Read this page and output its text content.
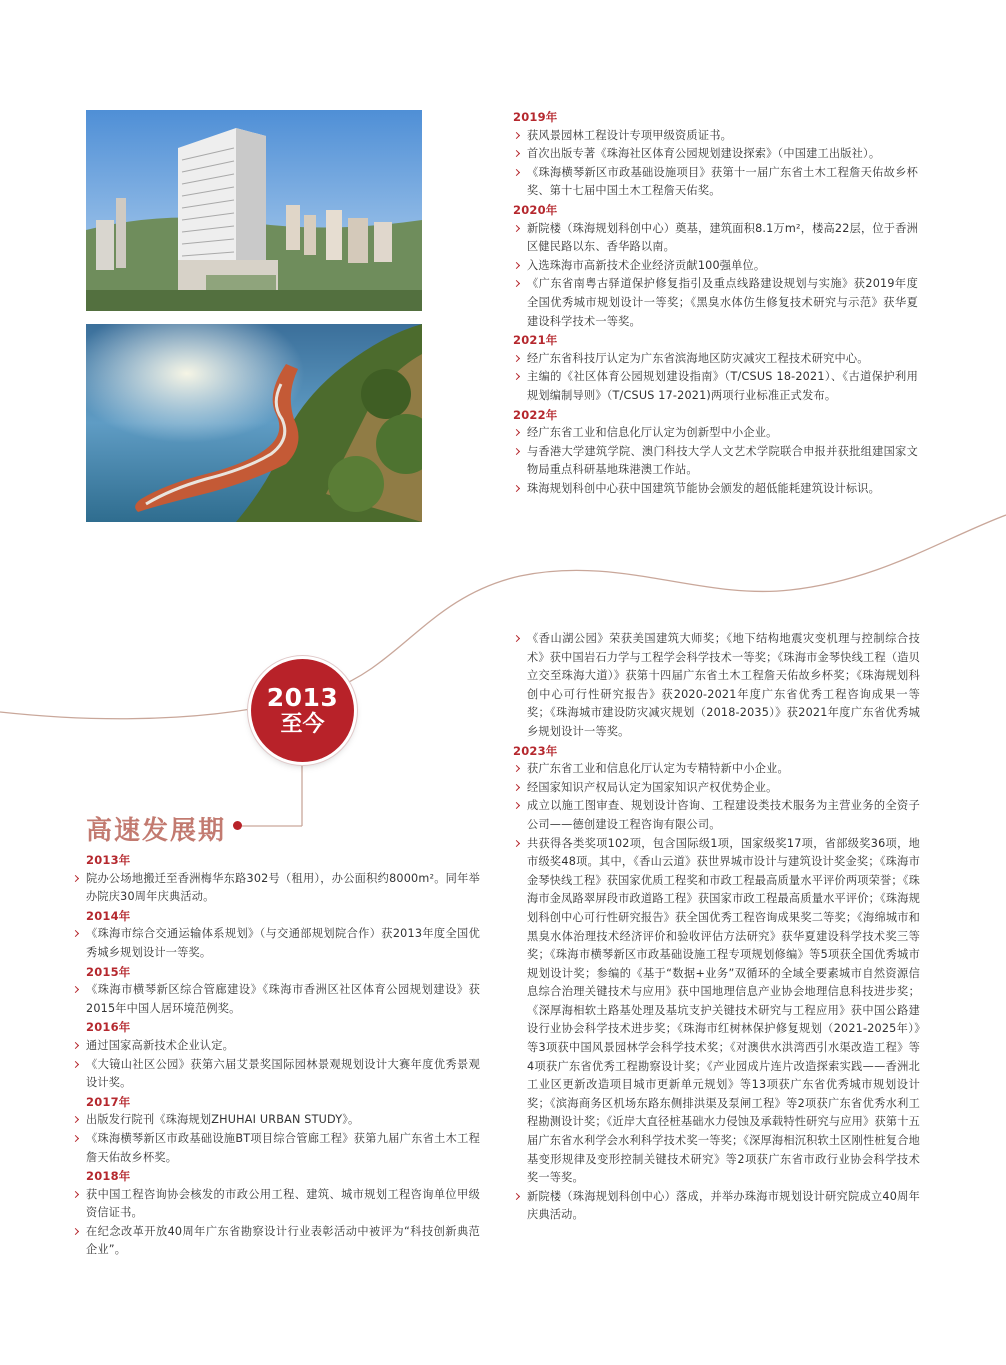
2019年
获风景园林工程设计专项甲级资质证书。
首次出版专著《珠海社区体育公园规划建设探索》（中国建工出版社）。
《珠海横琴新区市政基础设施项目》获第十一届广东省土木工程詹天佑故乡杯奖、第十七届中国土木工程詹天佑奖。
2020年
新院楼（珠海规划科创中心）奠基，建筑面积8.1万m²，楼高22层，位于香洲区健民路以东、香华路以南。
入选珠海市高新技术企业经济贡献100强单位。
《广东省南粤古驿道保护修复指引及重点线路建设规划与实施》获2019年度全国优秀城市规划设计一等奖；《黑臭水体仿生修复技术研究与示范》获华夏建设科学技术一等奖。
2021年
经广东省科技厅认定为广东省滨海地区防灾减灾工程技术研究中心。
主编的《社区体育公园规划建设指南》（T/CSUS 18-2021）、《古道保护利用规划编制导则》（T/CSUS 17-2021)两项行业标准正式发布。
2022年
经广东省工业和信息化厅认定为创新型中小企业。
与香港大学建筑学院、澳门科技大学人文艺术学院联合申报并获批组建国家文物局重点科研基地珠港澳工作站。
珠海规划科创中心获中国建筑节能协会颁发的超低能耗建筑设计标识。
2013
至今
高速发展期
2013年
院办公场地搬迁至香洲梅华东路302号（租用），办公面积约8000m²。同年举办院庆30周年庆典活动。
2014年
《珠海市综合交通运输体系规划》（与交通部规划院合作）获2013年度全国优秀城乡规划设计一等奖。
2015年
《珠海市横琴新区综合管廊建设》《珠海市香洲区社区体育公园规划建设》获2015年中国人居环境范例奖。
2016年
通过国家高新技术企业认定。
《大镜山社区公园》获第六届艾景奖国际园林景观规划设计大赛年度优秀景观设计奖。
2017年
出版发行院刊《珠海规划ZHUHAI URBAN STUDY》。
《珠海横琴新区市政基础设施BT项目综合管廊工程》获第九届广东省土木工程詹天佑故乡杯奖。
2018年
获中国工程咨询协会核发的市政公用工程、建筑、城市规划工程咨询单位甲级资信证书。
在纪念改革开放40周年广东省勘察设计行业表彰活动中被评为“科技创新典范企业”。
《香山湖公园》荣获美国建筑大师奖；《地下结构地震灾变机理与控制综合技术》获中国岩石力学与工程学会科学技术一等奖；《珠海市金琴快线工程（造贝立交至珠海大道）》获第十四届广东省土木工程詹天佑故乡杯奖；《珠海规划科创中心可行性研究报告》获2020-2021年度广东省优秀工程咨询成果一等奖；《珠海城市建设防灾减灾规划（2018-2035）》获2021年度广东省优秀城乡规划设计一等奖。
2023年
获广东省工业和信息化厅认定为专精特新中小企业。
经国家知识产权局认定为国家知识产权优势企业。
成立以施工图审查、规划设计咨询、工程建设类技术服务为主营业务的全资子公司——德创建设工程咨询有限公司。
共获得各类奖项102项，包含国际级1项，国家级奖17项，省部级奖36项，地市级奖48项。其中，《香山云道》获世界城市设计与建筑设计奖金奖；《珠海市金琴快线工程》获国家优质工程奖和市政工程最高质量水平评价两项荣誉；《珠海市金凤路翠屏段市政道路工程》获国家市政工程最高质量水平评价；《珠海规划科创中心可行性研究报告》获全国优秀工程咨询成果奖二等奖；《海绵城市和黑臭水体治理技术经济评价和验收评估方法研究》获华夏建设科学技术奖三等奖；《珠海市横琴新区市政基础设施工程专项规划修编》等5项获全国优秀城市规划设计奖；参编的《基于“数据+业务”双循环的全域全要素城市自然资源信息综合治理关键技术与应用》获中国地理信息产业协会地理信息科技进步奖；《深厚海相软土路基处理及基坑支护关键技术研究与工程应用》获中国公路建设行业协会科学技术进步奖；《珠海市红树林保护修复规划（2021-2025年）》等3项获中国风景园林学会科学技术奖；《对澳供水洪湾西引水渠改造工程》等4项获广东省优秀工程勘察设计奖；《产业园成片连片改造探索实践——香洲北工业区更新改造项目城市更新单元规划》等13项获广东省优秀城市规划设计奖；《滨海商务区机场东路东侧排洪渠及泵闸工程》等2项获广东省优秀水利工程勘测设计奖；《近岸大直径桩基础水力侵蚀及承载特性研究与应用》获第十五届广东省水利学会水利科学技术奖一等奖；《深厚海相沉积软土区刚性桩复合地基变形规律及变形控制关键技术研究》等2项获广东省市政行业协会科学技术奖一等奖。
新院楼（珠海规划科创中心）落成，并举办珠海市规划设计研究院成立40周年庆典活动。
